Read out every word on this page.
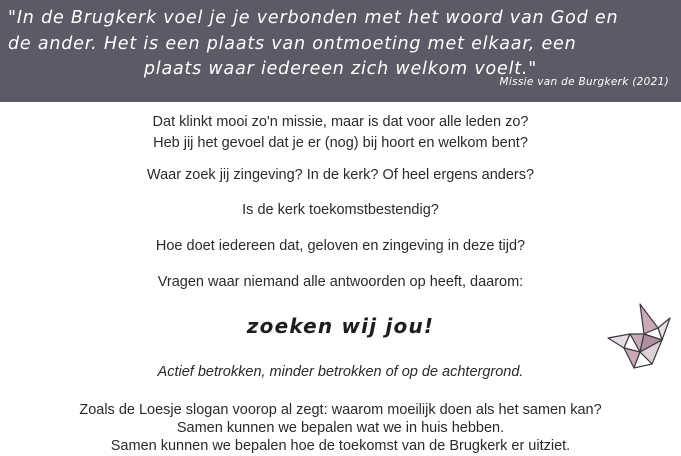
"In de Brugkerk voel je je verbonden met het woord van God en
de ander. Het is een plaats van ontmoeting met elkaar, een
plaats waar iedereen zich welkom voelt."
Missie van de Burgkerk (2021)
Dat klinkt mooi zo'n missie, maar is dat voor alle leden zo?
Heb jij het gevoel dat je er (nog) bij hoort en welkom bent?
Waar zoek jij zingeving? In de kerk? Of heel ergens anders?
Is de kerk toekomstbestendig?
Hoe doet iedereen dat, geloven en zingeving in deze tijd?
Vragen waar niemand alle antwoorden op heeft, daarom:
zoeken wij jou!
Actief betrokken, minder betrokken of op de achtergrond.
Zoals de Loesje slogan voorop al zegt: waarom moeilijk doen als het samen kan?
Samen kunnen we bepalen wat we in huis hebben.
Samen kunnen we bepalen hoe de toekomst van de Brugkerk er uitziet.
